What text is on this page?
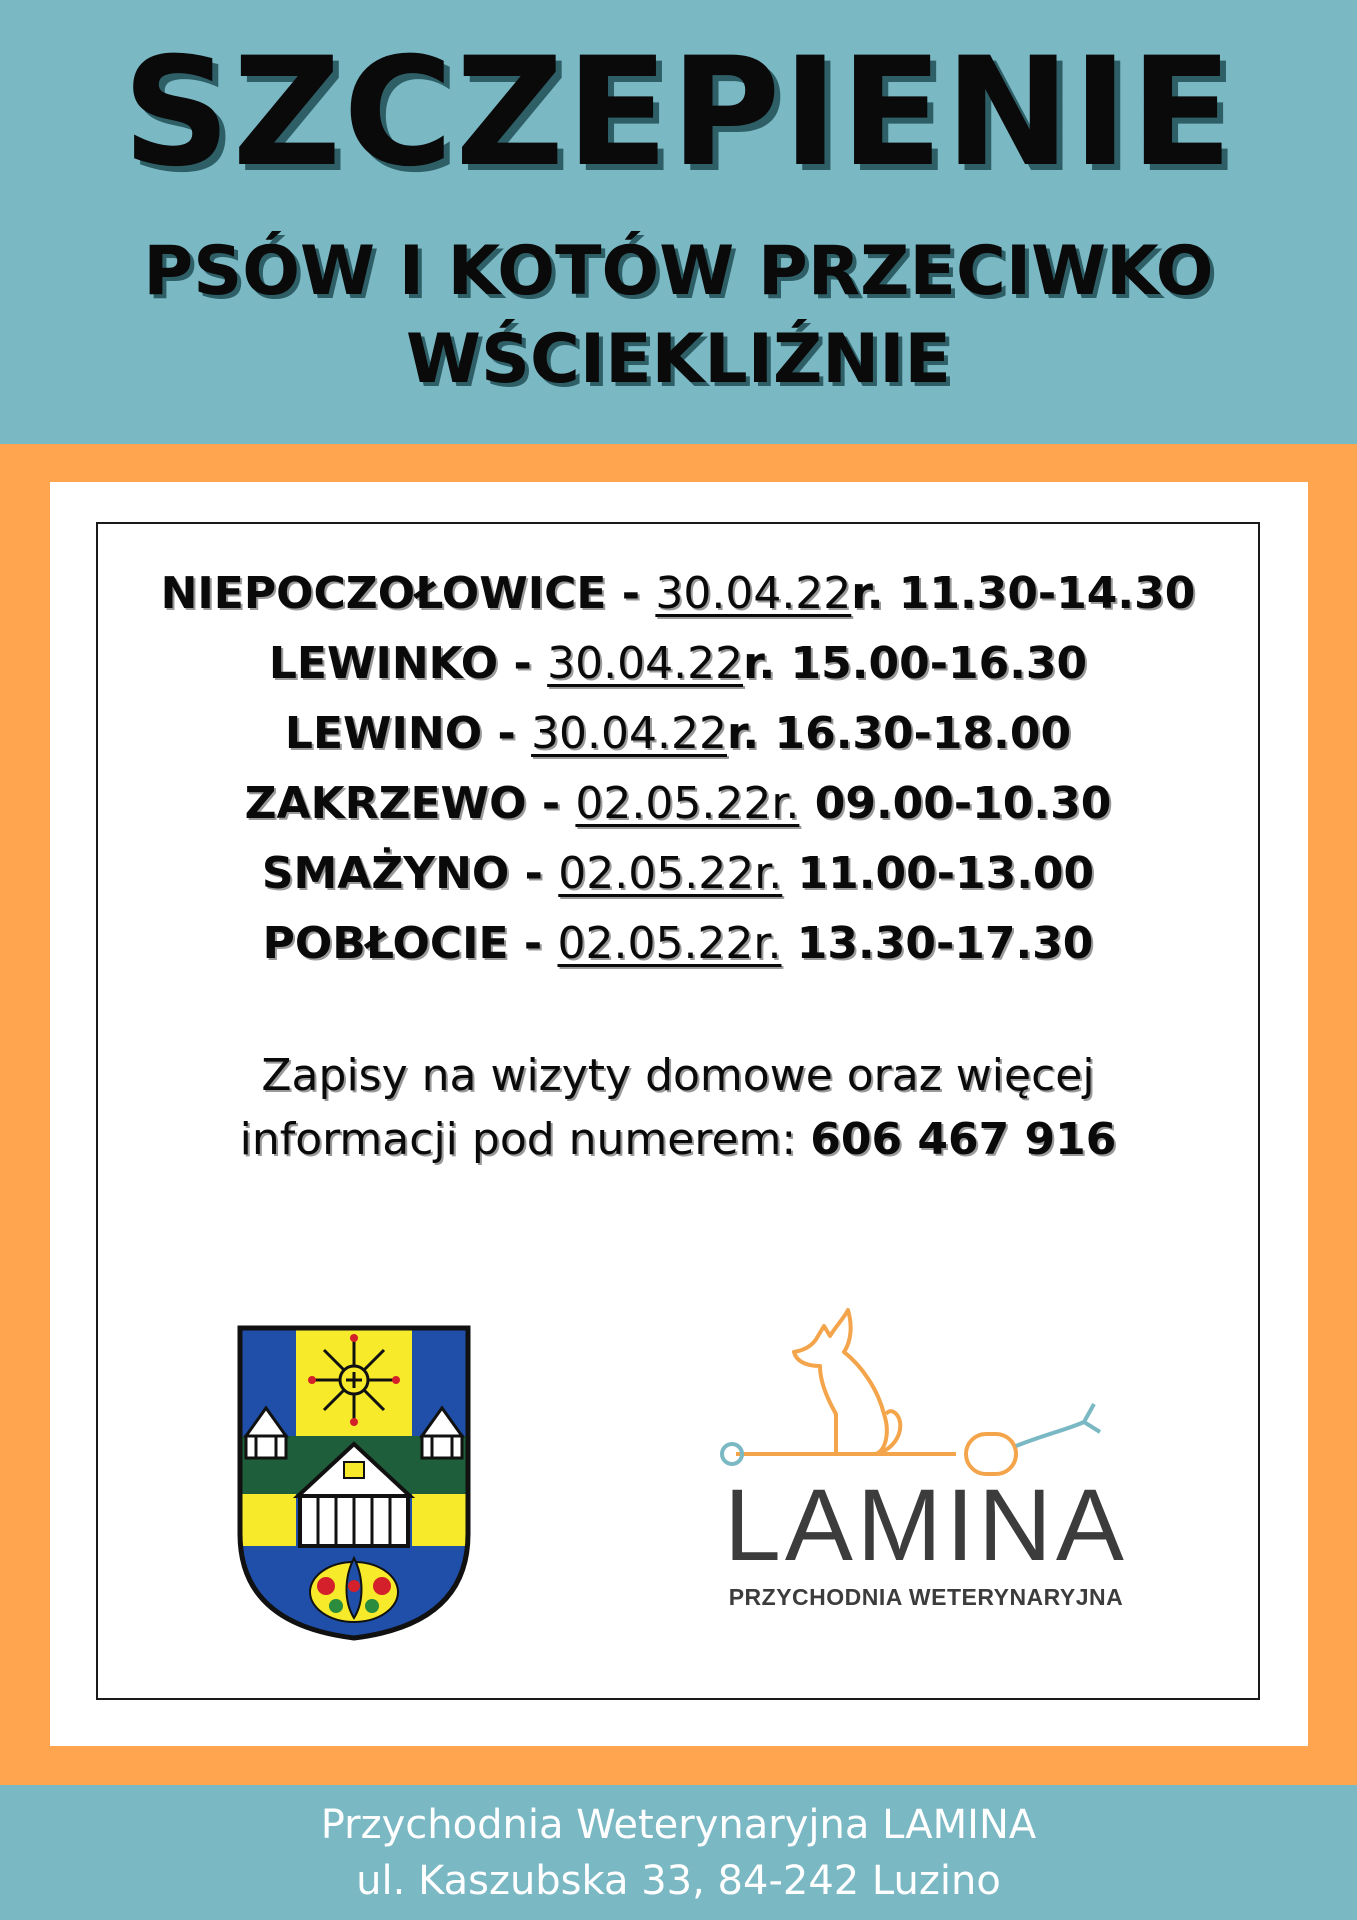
SZCZEPIENIE
PSÓW I KOTÓW PRZECIWKO
WŚCIEKLIŹNIE
NIEPOCZOŁOWICE - 30.04.22r. 11.30-14.30
LEWINKO - 30.04.22r. 15.00-16.30
LEWINO - 30.04.22r. 16.30-18.00
ZAKRZEWO - 02.05.22r. 09.00-10.30
SMAŻYNO - 02.05.22r. 11.00-13.00
POBŁOCIE - 02.05.22r. 13.30-17.30
Zapisy na wizyty domowe oraz więcej
informacji pod numerem: 606 467 916
LAMINA
PRZYCHODNIA WETERYNARYJNA
Przychodnia Weterynaryjna LAMINA
ul. Kaszubska 33, 84-242 Luzino
